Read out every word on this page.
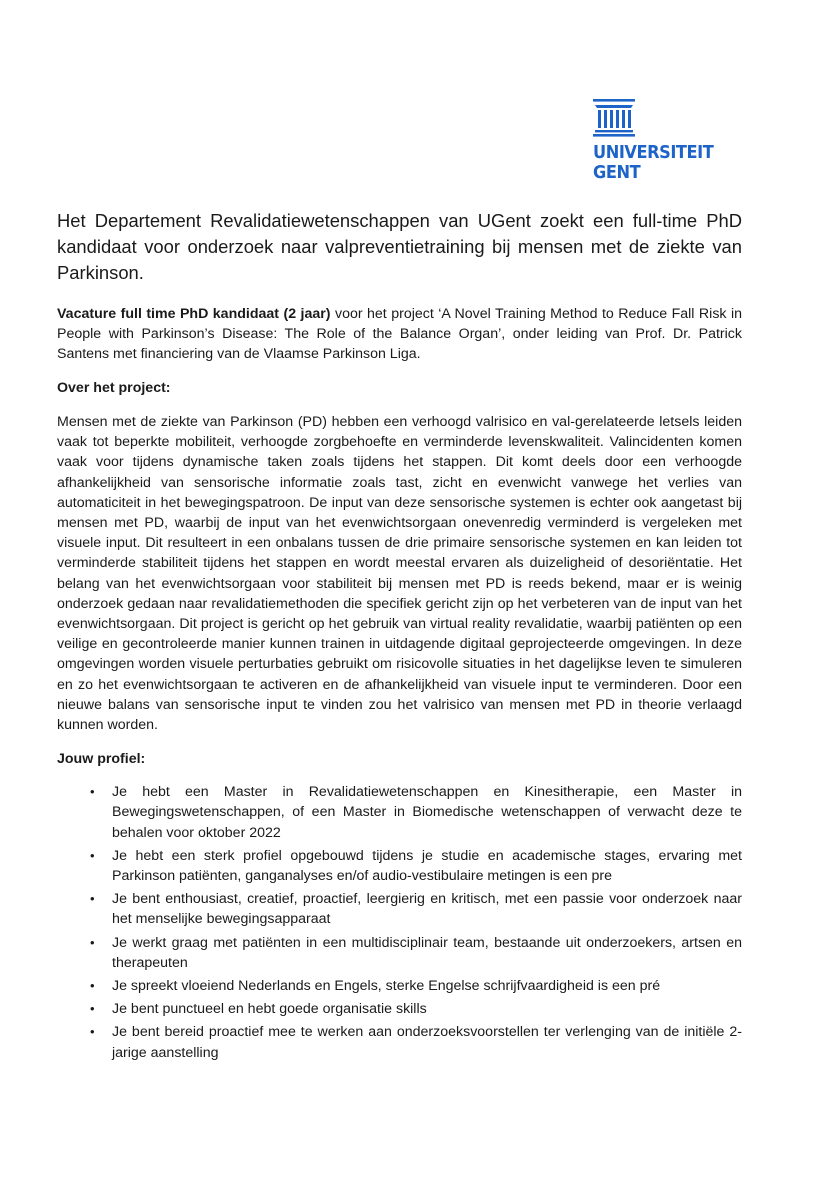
UNIVERSITEIT
GENT
Het Departement Revalidatiewetenschappen van UGent zoekt een full-time PhD kandidaat voor onderzoek naar valpreventietraining bij mensen met de ziekte van Parkinson.

Vacature full time PhD kandidaat (2 jaar) voor het project ‘A Novel Training Method to Reduce Fall Risk in People with Parkinson’s Disease: The Role of the Balance Organ’, onder leiding van Prof. Dr. Patrick Santens met financiering van de Vlaamse Parkinson Liga.

Over het project:

Mensen met de ziekte van Parkinson (PD) hebben een verhoogd valrisico en val-gerelateerde letsels leiden vaak tot beperkte mobiliteit, verhoogde zorgbehoefte en verminderde levenskwaliteit. Valincidenten komen vaak voor tijdens dynamische taken zoals tijdens het stappen. Dit komt deels door een verhoogde afhankelijkheid van sensorische informatie zoals tast, zicht en evenwicht vanwege het verlies van automaticiteit in het bewegingspatroon. De input van deze sensorische systemen is echter ook aangetast bij mensen met PD, waarbij de input van het evenwichtsorgaan onevenredig verminderd is vergeleken met visuele input. Dit resulteert in een onbalans tussen de drie primaire sensorische systemen en kan leiden tot verminderde stabiliteit tijdens het stappen en wordt meestal ervaren als duizeligheid of desoriëntatie. Het belang van het evenwichtsorgaan voor stabiliteit bij mensen met PD is reeds bekend, maar er is weinig onderzoek gedaan naar revalidatiemethoden die specifiek gericht zijn op het verbeteren van de input van het evenwichtsorgaan. Dit project is gericht op het gebruik van virtual reality revalidatie, waarbij patiënten op een veilige en gecontroleerde manier kunnen trainen in uitdagende digitaal geprojecteerde omgevingen. In deze omgevingen worden visuele perturbaties gebruikt om risicovolle situaties in het dagelijkse leven te simuleren en zo het evenwichtsorgaan te activeren en de afhankelijkheid van visuele input te verminderen. Door een nieuwe balans van sensorische input te vinden zou het valrisico van mensen met PD in theorie verlaagd kunnen worden.

Jouw profiel:

• Je hebt een Master in Revalidatiewetenschappen en Kinesitherapie, een Master in Bewegingswetenschappen, of een Master in Biomedische wetenschappen of verwacht deze te behalen voor oktober 2022
• Je hebt een sterk profiel opgebouwd tijdens je studie en academische stages, ervaring met Parkinson patiënten, ganganalyses en/of audio-vestibulaire metingen is een pre
• Je bent enthousiast, creatief, proactief, leergierig en kritisch, met een passie voor onderzoek naar het menselijke bewegingsapparaat
• Je werkt graag met patiënten in een multidisciplinair team, bestaande uit onderzoekers, artsen en therapeuten
• Je spreekt vloeiend Nederlands en Engels, sterke Engelse schrijfvaardigheid is een pré
• Je bent punctueel en hebt goede organisatie skills
• Je bent bereid proactief mee te werken aan onderzoeksvoorstellen ter verlenging van de initiële 2-jarige aanstelling
